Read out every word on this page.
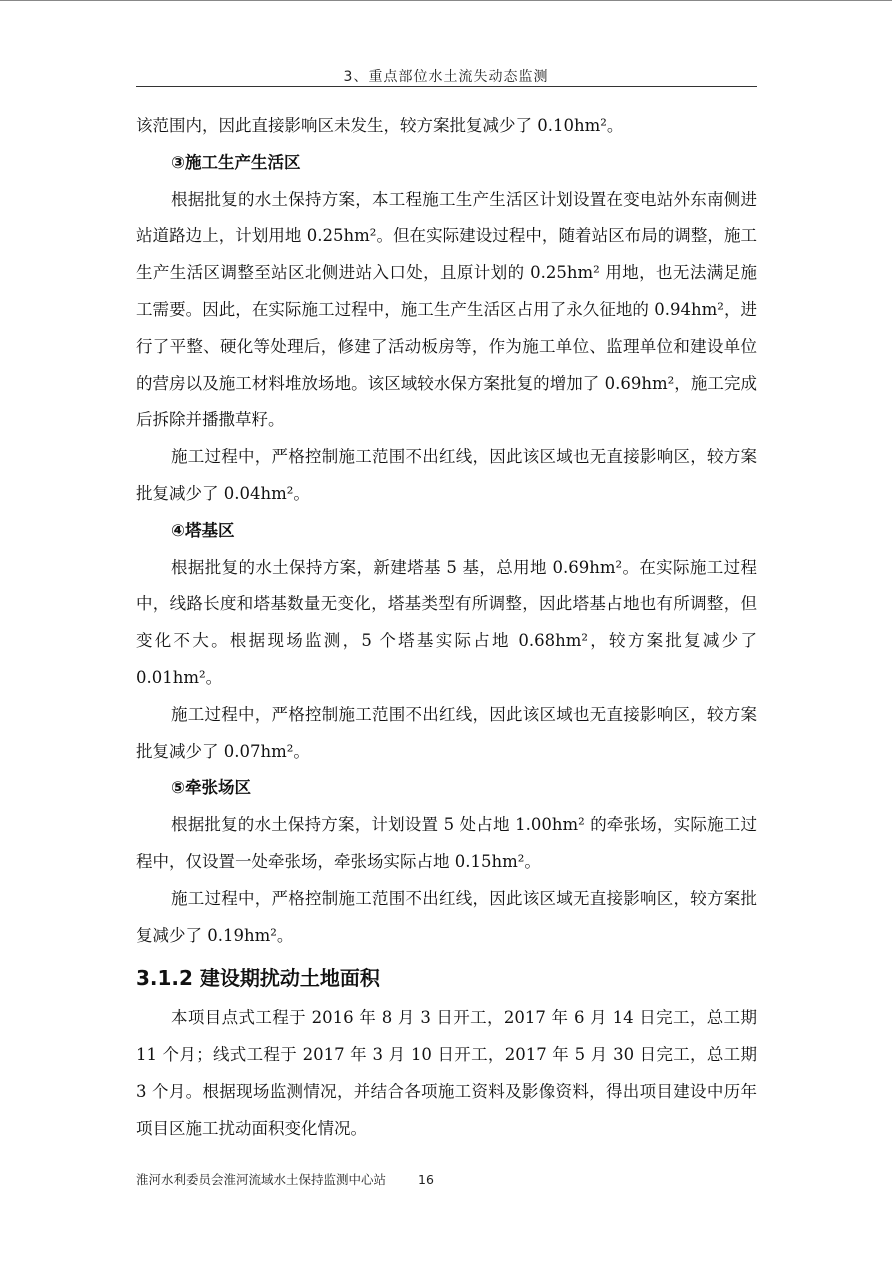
3、重点部位水土流失动态监测

该范围内，因此直接影响区未发生，较方案批复减少了 0.10hm²。

③施工生产生活区

根据批复的水土保持方案，本工程施工生产生活区计划设置在变电站外东南侧进站道路边上，计划用地 0.25hm²。但在实际建设过程中，随着站区布局的调整，施工生产生活区调整至站区北侧进站入口处，且原计划的 0.25hm² 用地，也无法满足施工需要。因此，在实际施工过程中，施工生产生活区占用了永久征地的 0.94hm²，进行了平整、硬化等处理后，修建了活动板房等，作为施工单位、监理单位和建设单位的营房以及施工材料堆放场地。该区域较水保方案批复的增加了 0.69hm²，施工完成后拆除并播撒草籽。

施工过程中，严格控制施工范围不出红线，因此该区域也无直接影响区，较方案批复减少了 0.04hm²。

④塔基区

根据批复的水土保持方案，新建塔基 5 基，总用地 0.69hm²。在实际施工过程中，线路长度和塔基数量无变化，塔基类型有所调整，因此塔基占地也有所调整，但变化不大。根据现场监测，5 个塔基实际占地 0.68hm²，较方案批复减少了 0.01hm²。

施工过程中，严格控制施工范围不出红线，因此该区域也无直接影响区，较方案批复减少了 0.07hm²。

⑤牵张场区

根据批复的水土保持方案，计划设置 5 处占地 1.00hm² 的牵张场，实际施工过程中，仅设置一处牵张场，牵张场实际占地 0.15hm²。

施工过程中，严格控制施工范围不出红线，因此该区域无直接影响区，较方案批复减少了 0.19hm²。

3.1.2 建设期扰动土地面积

本项目点式工程于 2016 年 8 月 3 日开工，2017 年 6 月 14 日完工，总工期 11 个月；线式工程于 2017 年 3 月 10 日开工，2017 年 5 月 30 日完工，总工期 3 个月。根据现场监测情况，并结合各项施工资料及影像资料，得出项目建设中历年项目区施工扰动面积变化情况。

淮河水利委员会淮河流域水土保持监测中心站	16
